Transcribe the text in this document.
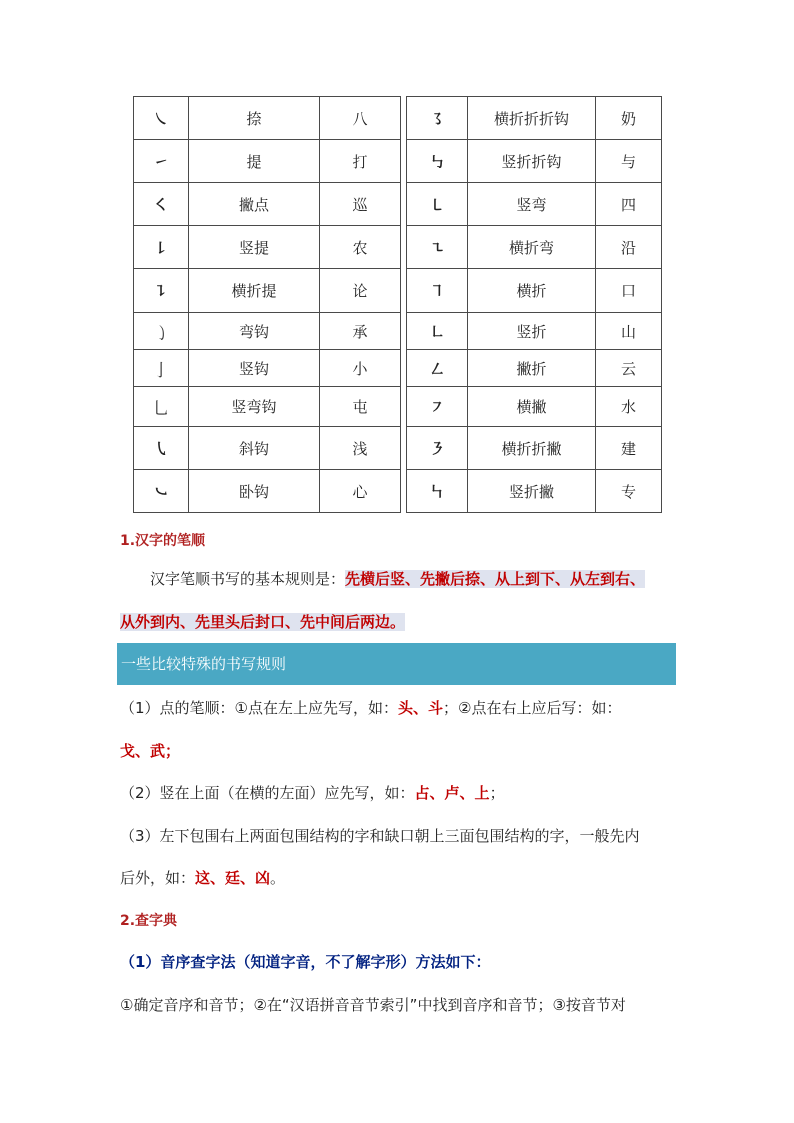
㇏	捺	八
㇀	提	打
㇛	撇点	巡
㇙	竖提	农
㇊	横折提	论
㇁	弯钩	承
亅	竖钩	小
乚	竖弯钩	屯
㇂	斜钩	浅
㇃	卧钩	心
㇌	横折折折钩	奶
㇉	竖折折钩	与
㇄	竖弯	四
㇍	横折弯	沿
㇕	横折	口
㇗	竖折	山
㇜	撇折	云
㇇	横撇	水
㇋	横折折撇	建
㇞	竖折撇	专
1.汉字的笔顺
汉字笔顺书写的基本规则是：先横后竖、先撇后捺、从上到下、从左到右、
从外到内、先里头后封口、先中间后两边。
一些比较特殊的书写规则
（1）点的笔顺：①点在左上应先写，如：头、斗；②点在右上应后写：如：
戈、武；
（2）竖在上面（在横的左面）应先写，如：占、卢、上；
（3）左下包围右上两面包围结构的字和缺口朝上三面包围结构的字，一般先内
后外，如：这、廷、凶。
2.查字典
（1）音序查字法（知道字音，不了解字形）方法如下：
①确定音序和音节；②在“汉语拼音音节索引”中找到音序和音节；③按音节对
